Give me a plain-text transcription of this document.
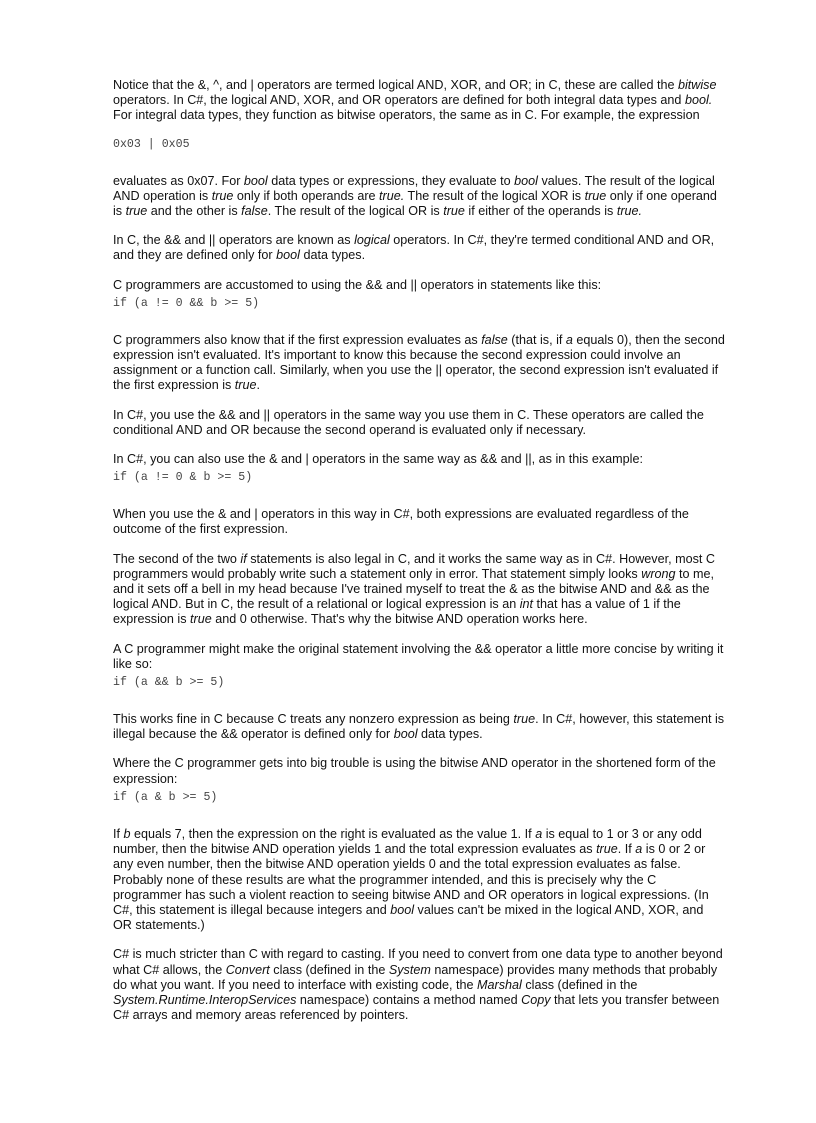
Notice that the &, ^, and | operators are termed logical AND, XOR, and OR; in C, these are called the bitwise operators. In C#, the logical AND, XOR, and OR operators are defined for both integral data types and bool. For integral data types, they function as bitwise operators, the same as in C. For example, the expression

0x03 | 0x05

evaluates as 0x07. For bool data types or expressions, they evaluate to bool values. The result of the logical AND operation is true only if both operands are true. The result of the logical XOR is true only if one operand is true and the other is false. The result of the logical OR is true if either of the operands is true.

In C, the && and || operators are known as logical operators. In C#, they're termed conditional AND and OR, and they are defined only for bool data types.

C programmers are accustomed to using the && and || operators in statements like this:

if (a != 0 && b >= 5)

C programmers also know that if the first expression evaluates as false (that is, if a equals 0), then the second expression isn't evaluated. It's important to know this because the second expression could involve an assignment or a function call. Similarly, when you use the || operator, the second expression isn't evaluated if the first expression is true.

In C#, you use the && and || operators in the same way you use them in C. These operators are called the conditional AND and OR because the second operand is evaluated only if necessary.

In C#, you can also use the & and | operators in the same way as && and ||, as in this example:

if (a != 0 & b >= 5)

When you use the & and | operators in this way in C#, both expressions are evaluated regardless of the outcome of the first expression.

The second of the two if statements is also legal in C, and it works the same way as in C#. However, most C programmers would probably write such a statement only in error. That statement simply looks wrong to me, and it sets off a bell in my head because I've trained myself to treat the & as the bitwise AND and && as the logical AND. But in C, the result of a relational or logical expression is an int that has a value of 1 if the expression is true and 0 otherwise. That's why the bitwise AND operation works here.

A C programmer might make the original statement involving the && operator a little more concise by writing it like so:

if (a && b >= 5)

This works fine in C because C treats any nonzero expression as being true. In C#, however, this statement is illegal because the && operator is defined only for bool data types.

Where the C programmer gets into big trouble is using the bitwise AND operator in the shortened form of the expression:

if (a & b >= 5)

If b equals 7, then the expression on the right is evaluated as the value 1. If a is equal to 1 or 3 or any odd number, then the bitwise AND operation yields 1 and the total expression evaluates as true. If a is 0 or 2 or any even number, then the bitwise AND operation yields 0 and the total expression evaluates as false. Probably none of these results are what the programmer intended, and this is precisely why the C programmer has such a violent reaction to seeing bitwise AND and OR operators in logical expressions. (In C#, this statement is illegal because integers and bool values can't be mixed in the logical AND, XOR, and OR statements.)

C# is much stricter than C with regard to casting. If you need to convert from one data type to another beyond what C# allows, the Convert class (defined in the System namespace) provides many methods that probably do what you want. If you need to interface with existing code, the Marshal class (defined in the System.Runtime.InteropServices namespace) contains a method named Copy that lets you transfer between C# arrays and memory areas referenced by pointers.
